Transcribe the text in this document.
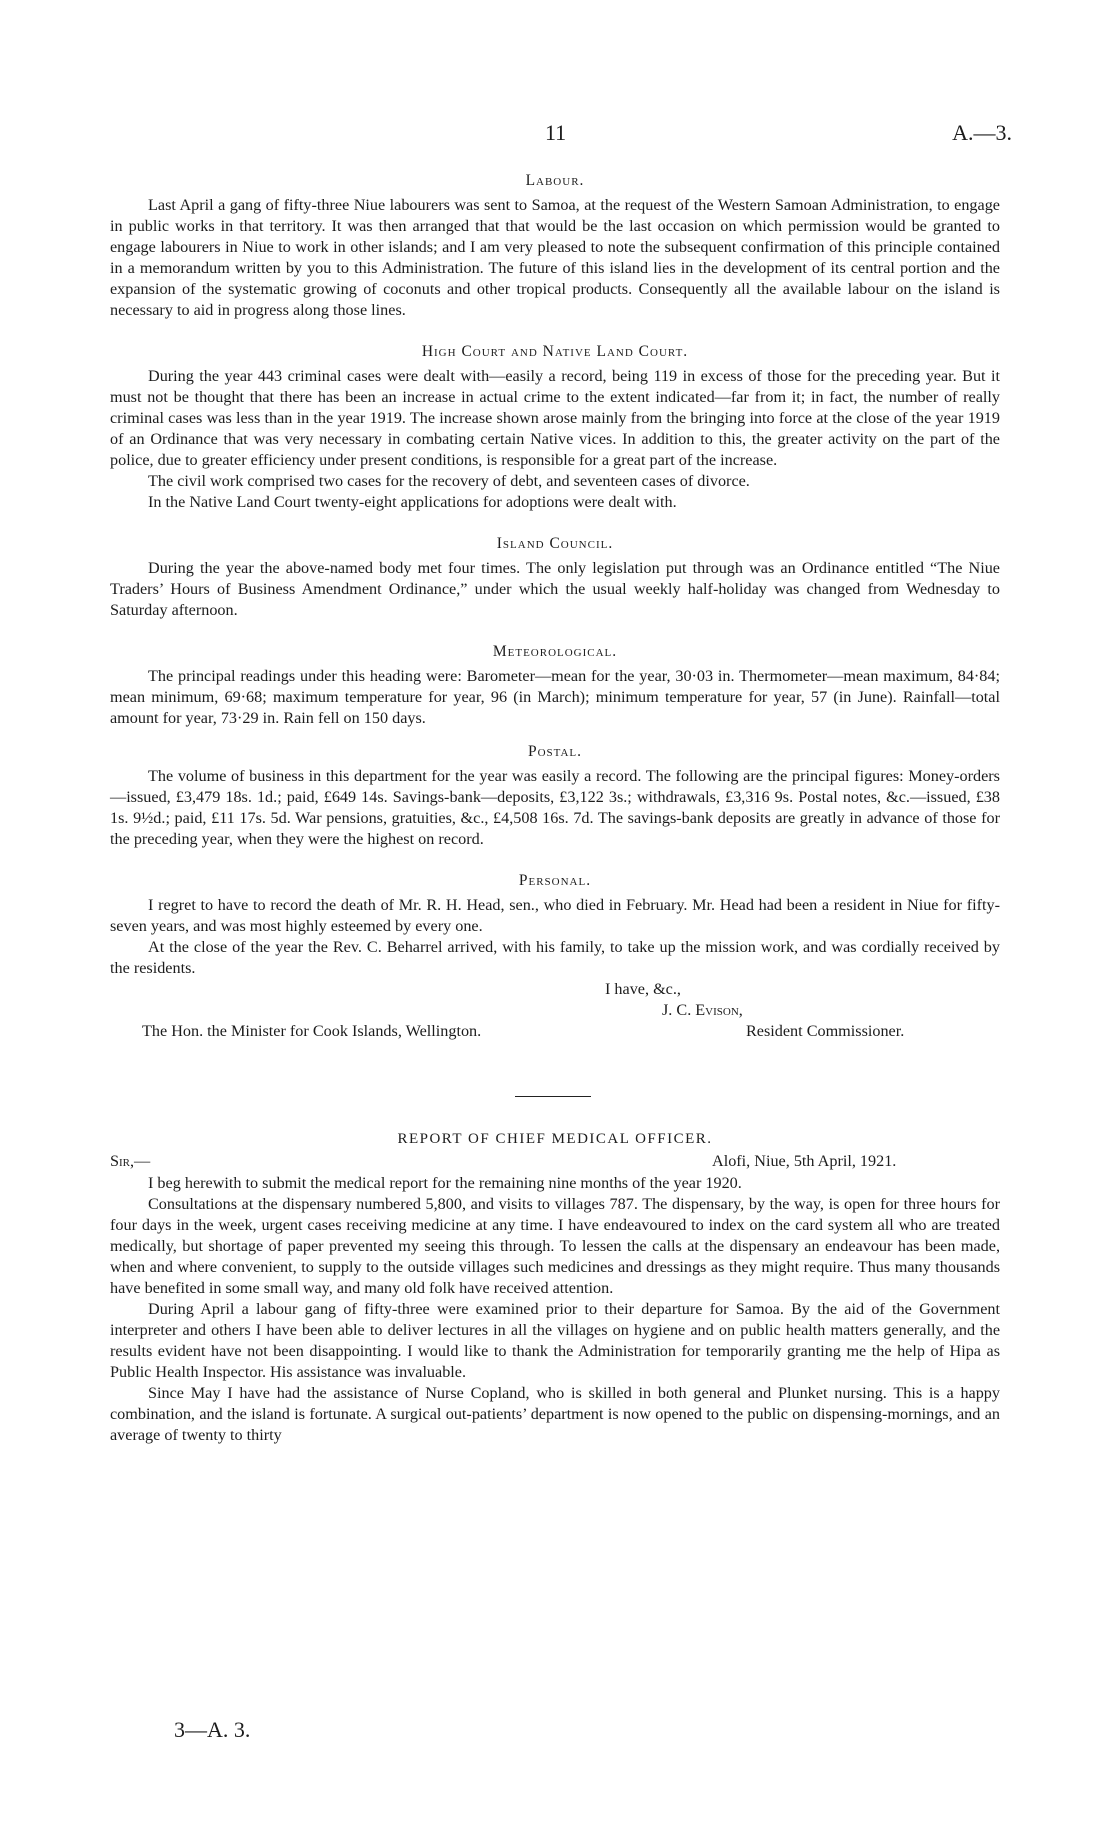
11	A.—3.
Labour.

Last April a gang of fifty-three Niue labourers was sent to Samoa, at the request of the Western Samoan Administration, to engage in public works in that territory. It was then arranged that that would be the last occasion on which permission would be granted to engage labourers in Niue to work in other islands; and I am very pleased to note the subsequent confirmation of this principle contained in a memorandum written by you to this Administration. The future of this island lies in the development of its central portion and the expansion of the systematic growing of coconuts and other tropical products. Consequently all the available labour on the island is necessary to aid in progress along those lines.

High Court and Native Land Court.

During the year 443 criminal cases were dealt with—easily a record, being 119 in excess of those for the preceding year. But it must not be thought that there has been an increase in actual crime to the extent indicated—far from it; in fact, the number of really criminal cases was less than in the year 1919. The increase shown arose mainly from the bringing into force at the close of the year 1919 of an Ordinance that was very necessary in combating certain Native vices. In addition to this, the greater activity on the part of the police, due to greater efficiency under present conditions, is responsible for a great part of the increase.

The civil work comprised two cases for the recovery of debt, and seventeen cases of divorce.

In the Native Land Court twenty-eight applications for adoptions were dealt with.

Island Council.

During the year the above-named body met four times. The only legislation put through was an Ordinance entitled “The Niue Traders’ Hours of Business Amendment Ordinance,” under which the usual weekly half-holiday was changed from Wednesday to Saturday afternoon.

Meteorological.

The principal readings under this heading were: Barometer—mean for the year, 30·03 in. Thermometer—mean maximum, 84·84; mean minimum, 69·68; maximum temperature for year, 96 (in March); minimum temperature for year, 57 (in June). Rainfall—total amount for year, 73·29 in. Rain fell on 150 days.

Postal.

The volume of business in this department for the year was easily a record. The following are the principal figures: Money-orders—issued, £3,479 18s. 1d.; paid, £649 14s. Savings-bank—deposits, £3,122 3s.; withdrawals, £3,316 9s. Postal notes, &c.—issued, £38 1s. 9½d.; paid, £11 17s. 5d. War pensions, gratuities, &c., £4,508 16s. 7d. The savings-bank deposits are greatly in advance of those for the preceding year, when they were the highest on record.

Personal.

I regret to have to record the death of Mr. R. H. Head, sen., who died in February. Mr. Head had been a resident in Niue for fifty-seven years, and was most highly esteemed by every one.

At the close of the year the Rev. C. Beharrel arrived, with his family, to take up the mission work, and was cordially received by the residents.

I have, &c.,
J. C. Evison,
The Hon. the Minister for Cook Islands, Wellington.	Resident Commissioner.
REPORT OF CHIEF MEDICAL OFFICER.
Sir,—	Alofi, Niue, 5th April, 1921.

I beg herewith to submit the medical report for the remaining nine months of the year 1920.

Consultations at the dispensary numbered 5,800, and visits to villages 787. The dispensary, by the way, is open for three hours for four days in the week, urgent cases receiving medicine at any time. I have endeavoured to index on the card system all who are treated medically, but shortage of paper prevented my seeing this through. To lessen the calls at the dispensary an endeavour has been made, when and where convenient, to supply to the outside villages such medicines and dressings as they might require. Thus many thousands have benefited in some small way, and many old folk have received attention.

During April a labour gang of fifty-three were examined prior to their departure for Samoa. By the aid of the Government interpreter and others I have been able to deliver lectures in all the villages on hygiene and on public health matters generally, and the results evident have not been disappointing. I would like to thank the Administration for temporarily granting me the help of Hipa as Public Health Inspector. His assistance was invaluable.

Since May I have had the assistance of Nurse Copland, who is skilled in both general and Plunket nursing. This is a happy combination, and the island is fortunate. A surgical out-patients’ department is now opened to the public on dispensing-mornings, and an average of twenty to thirty

3—A. 3.
